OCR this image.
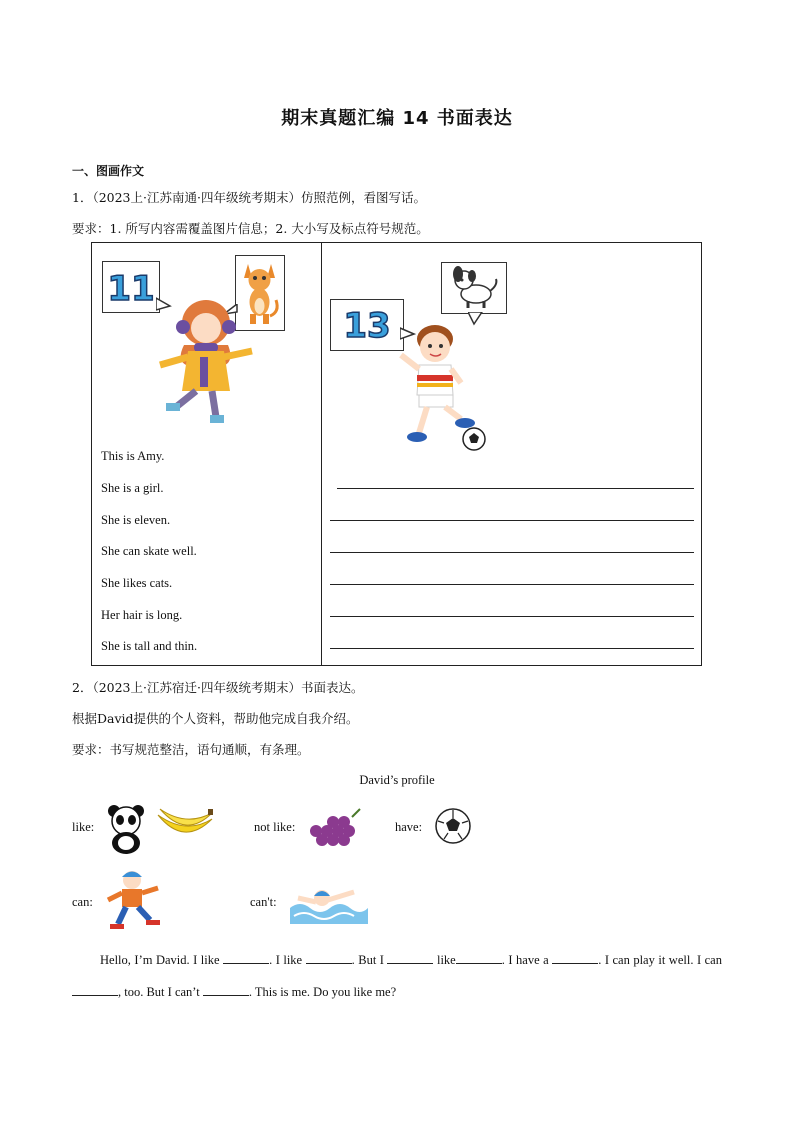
期末真题汇编 14 书面表达
一、图画作文
1．（2023上·江苏南通·四年级统考期末）仿照范例，看图写话。
要求：1. 所写内容需覆盖图片信息；2. 大小写及标点符号规范。
11
This is Amy.
She is a girl.
She is eleven.
She can skate well.
She likes cats.
Her hair is long.
She is tall and thin.
13
2．（2023上·江苏宿迁·四年级统考期末）书面表达。
根据David提供的个人资料，帮助他完成自我介绍。
要求：书写规范整洁，语句通顺，有条理。
David’s profile
like:	not like:	have:
can:	can't:
Hello, I’m David. I like	. I like	. But I	like	. I have a	. I can play it well. I can , too. But I can’t	. This is me. Do you like me?
